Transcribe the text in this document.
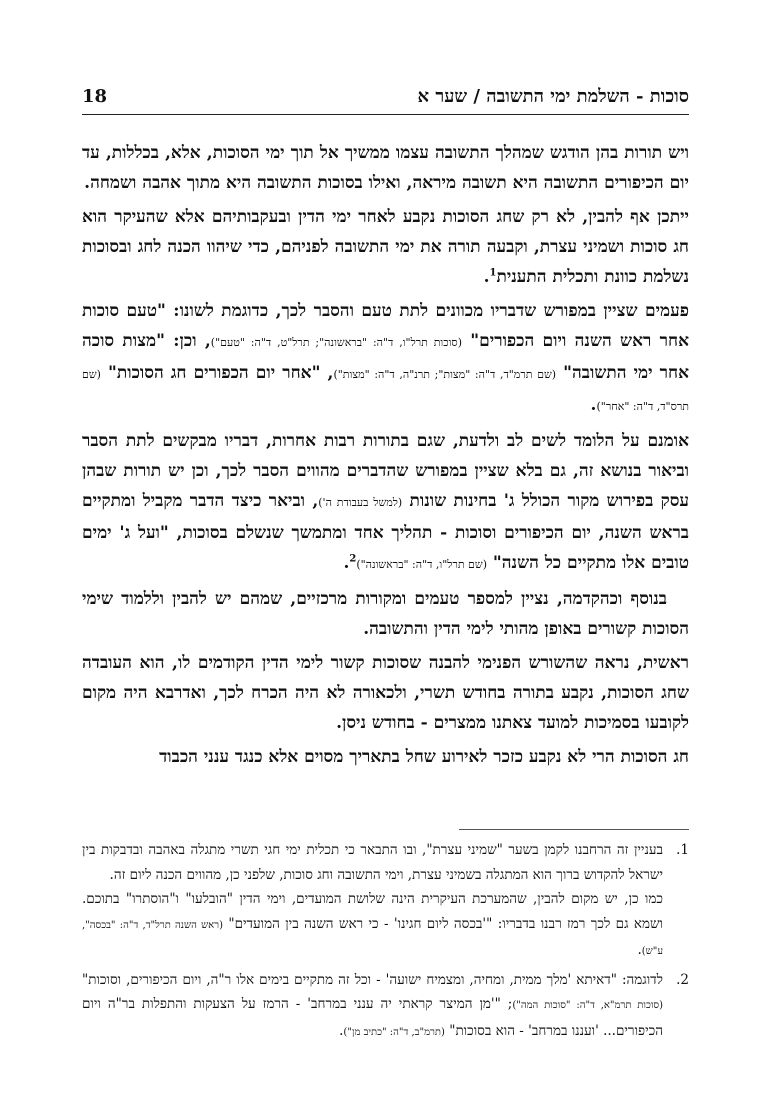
סוכות - השלמת ימי התשובה / שער א
18

ויש תורות בהן הודגש שמהלך התשובה עצמו ממשיך אל תוך ימי הסוכות, אלא, בכללות, עד יום הכיפורים התשובה היא תשובה מיראה, ואילו בסוכות התשובה היא מתוך אהבה ושמחה.

ייתכן אף להבין, לא רק שחג הסוכות נקבע לאחר ימי הדין ובעקבותיהם אלא שהעיקר הוא חג סוכות ושמיני עצרת, וקבעה תורה את ימי התשובה לפניהם, כדי שיהוו הכנה לחג ובסוכות נשלמת כוונת ותכלית התענית$^1$.

פעמים שציין במפורש שדבריו מכוונים לתת טעם והסבר לכך, כדוגמת לשונו: "טעם סוכות אחר ראש השנה ויום הכפורים" (סוכות תרל"ו, ד"ה: "בראשונה"; תרל"ט, ד"ה: "טעם"), וכן: "מצות סוכה אחר ימי התשובה" (שם תרמ"ד, ד"ה: "מצות"; תרנ"ה, ד"ה: "מצות"), "אחר יום הכפורים חג הסוכות" (שם תרס"ד, ד"ה: "אחר").

אומנם על הלומד לשים לב ולדעת, שגם בתורות רבות אחרות, דבריו מבקשים לתת הסבר וביאור בנושא זה, גם בלא שציין במפורש שהדברים מהווים הסבר לכך, וכן יש תורות שבהן עסק בפירוש מקור הכולל ג' בחינות שונות (למשל בעבודת ה'), וביאר כיצד הדבר מקביל ומתקיים בראש השנה, יום הכיפורים וסוכות - תהליך אחד ומתמשך שנשלם בסוכות, "ועל ג' ימים טובים אלו מתקיים כל השנה" (שם תרל"ו, ד"ה: "בראשונה")$^2$.

בנוסף וכהקדמה, נציין למספר טעמים ומקורות מרכזיים, שמהם יש להבין וללמוד שימי הסוכות קשורים באופן מהותי לימי הדין והתשובה.

ראשית, נראה שהשורש הפנימי להבנה שסוכות קשור לימי הדין הקודמים לו, הוא העובדה שחג הסוכות, נקבע בתורה בחודש תשרי, ולכאורה לא היה הכרח לכך, ואדרבא היה מקום לקובעו בסמיכות למועד צאתנו ממצרים - בחודש ניסן.

חג הסוכות הרי לא נקבע כזכר לאירוע שחל בתאריך מסוים אלא כנגד ענני הכבוד

1.
בעניין זה הרחבנו לקמן בשער "שמיני עצרת", ובו התבאר כי תכלית ימי חגי תשרי מתגלה באהבה ובדבקות בין ישראל להקדוש ברוך הוא המתגלה בשמיני עצרת, וימי התשובה וחג סוכות, שלפני כן, מהווים הכנה ליום זה.
כמו כן, יש מקום להבין, שהמערכת העיקרית הינה שלושת המועדים, וימי הדין "הובלעו" ו"הוסתרו" בתוכם. ושמא גם לכך רמז רבנו בדבריו: "'בכסה ליום חגינו' - כי ראש השנה בין המועדים" (ראש השנה תרל"ד, ד"ה: "בכסה", ע"ש).
2.
לדוגמה: "דאיתא 'מלך ממית, ומחיה, ומצמיח ישועה' - וכל זה מתקיים בימים אלו ר"ה, ויום הכיפורים, וסוכות" (סוכות תרמ"א, ד"ה: "סוכות המה"); "'מן המיצר קראתי יה ענני במרחב' - הרמז על הצעקות והתפלות בר"ה ויום הכיפורים... 'ועננו במרחב' - הוא בסוכות" (תרמ"ב, ד"ה: "כתיב מן").
